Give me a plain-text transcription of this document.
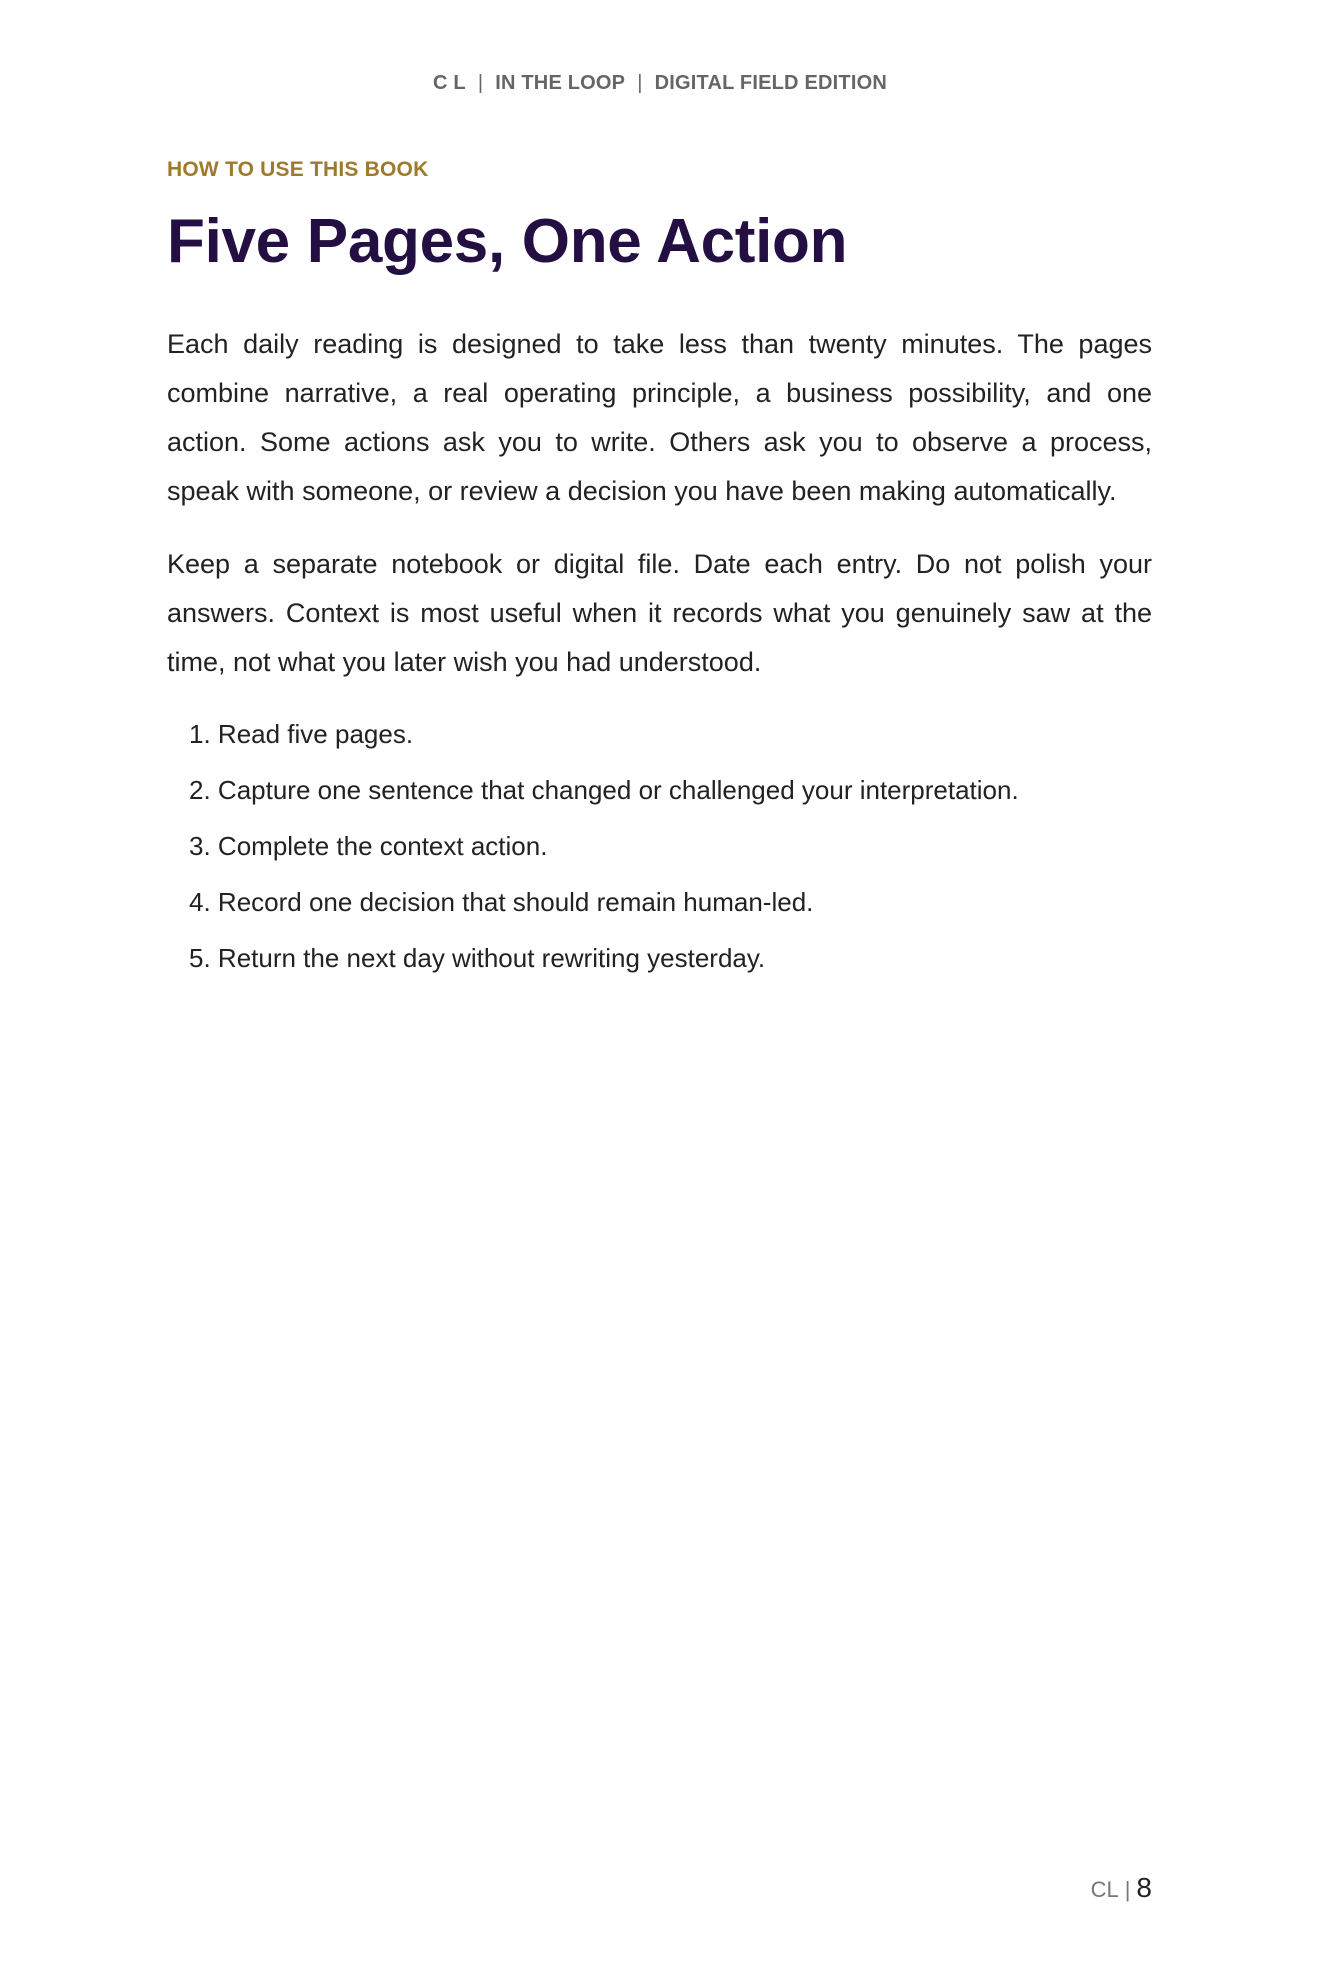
C L | IN THE LOOP | DIGITAL FIELD EDITION
HOW TO USE THIS BOOK
Five Pages, One Action

Each daily reading is designed to take less than twenty minutes. The pages combine narrative, a real operating principle, a business possibility, and one action. Some actions ask you to write. Others ask you to observe a process, speak with someone, or review a decision you have been making automatically.

Keep a separate notebook or digital file. Date each entry. Do not polish your answers. Context is most useful when it records what you genuinely saw at the time, not what you later wish you had understood.

1. Read five pages.
2. Capture one sentence that changed or challenged your interpretation.
3. Complete the context action.
4. Record one decision that should remain human-led.
5. Return the next day without rewriting yesterday.
CL | 8
